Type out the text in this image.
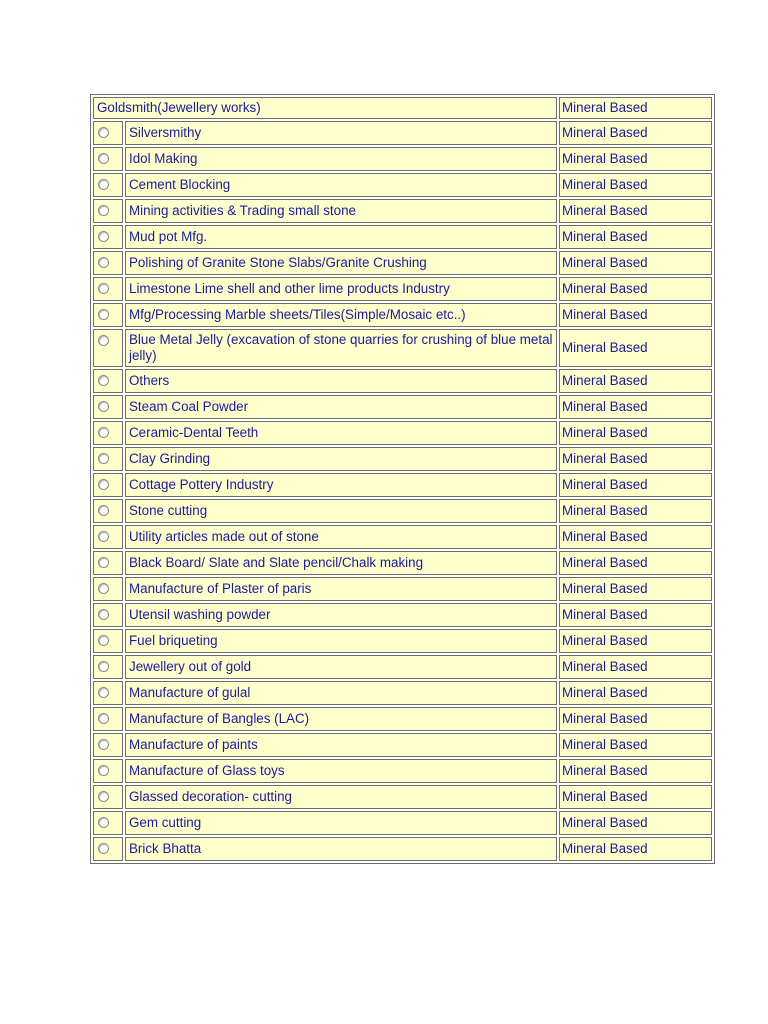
Goldsmith(Jewellery works)		Mineral Based
	Silversmithy	Mineral Based
	Idol Making	Mineral Based
	Cement Blocking	Mineral Based
	Mining activities & Trading small stone	Mineral Based
	Mud pot Mfg.	Mineral Based
	Polishing of Granite Stone Slabs/Granite Crushing	Mineral Based
	Limestone Lime shell and other lime products Industry	Mineral Based
	Mfg/Processing Marble sheets/Tiles(Simple/Mosaic etc..)	Mineral Based
	Blue Metal Jelly (excavation of stone quarries for crushing of blue metal jelly)	Mineral Based
	Others	Mineral Based
	Steam Coal Powder	Mineral Based
	Ceramic-Dental Teeth	Mineral Based
	Clay Grinding	Mineral Based
	Cottage Pottery Industry	Mineral Based
	Stone cutting	Mineral Based
	Utility articles made out of stone	Mineral Based
	Black Board/ Slate and Slate pencil/Chalk making	Mineral Based
	Manufacture of Plaster of paris	Mineral Based
	Utensil washing powder	Mineral Based
	Fuel briqueting	Mineral Based
	Jewellery out of gold	Mineral Based
	Manufacture of gulal	Mineral Based
	Manufacture of Bangles (LAC)	Mineral Based
	Manufacture of paints	Mineral Based
	Manufacture of Glass toys	Mineral Based
	Glassed decoration- cutting	Mineral Based
	Gem cutting	Mineral Based
	Brick Bhatta	Mineral Based
